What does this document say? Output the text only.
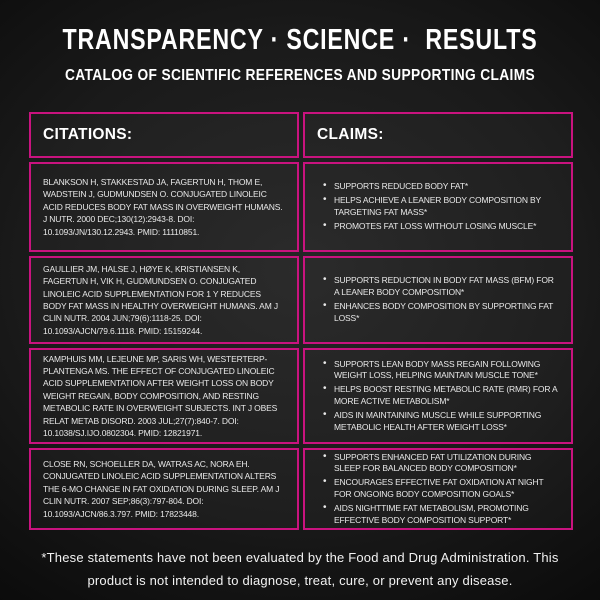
TRANSPARENCY · SCIENCE ·  RESULTS
CATALOG OF SCIENTIFIC REFERENCES AND SUPPORTING CLAIMS
CITATIONS:	CLAIMS:
BLANKSON H, STAKKESTAD JA, FAGERTUN H, THOM E, WADSTEIN J, GUDMUNDSEN O. CONJUGATED LINOLEIC ACID REDUCES BODY FAT MASS IN OVERWEIGHT HUMANS. J NUTR. 2000 DEC;130(12):2943-8. DOI: 10.1093/JN/130.12.2943. PMID: 11110851.
• SUPPORTS REDUCED BODY FAT*
• HELPS ACHIEVE A LEANER BODY COMPOSITION BY TARGETING FAT MASS*
• PROMOTES FAT LOSS WITHOUT LOSING MUSCLE*
GAULLIER JM, HALSE J, HØYE K, KRISTIANSEN K, FAGERTUN H, VIK H, GUDMUNDSEN O. CONJUGATED LINOLEIC ACID SUPPLEMENTATION FOR 1 Y REDUCES BODY FAT MASS IN HEALTHY OVERWEIGHT HUMANS. AM J CLIN NUTR. 2004 JUN;79(6):1118-25. DOI: 10.1093/AJCN/79.6.1118. PMID: 15159244.
• SUPPORTS REDUCTION IN BODY FAT MASS (BFM) FOR A LEANER BODY COMPOSITION*
• ENHANCES BODY COMPOSITION BY SUPPORTING FAT LOSS*
KAMPHUIS MM, LEJEUNE MP, SARIS WH, WESTERTERP-PLANTENGA MS. THE EFFECT OF CONJUGATED LINOLEIC ACID SUPPLEMENTATION AFTER WEIGHT LOSS ON BODY WEIGHT REGAIN, BODY COMPOSITION, AND RESTING METABOLIC RATE IN OVERWEIGHT SUBJECTS. INT J OBES RELAT METAB DISORD. 2003 JUL;27(7):840-7. DOI: 10.1038/SJ.IJO.0802304. PMID: 12821971.
• SUPPORTS LEAN BODY MASS REGAIN FOLLOWING WEIGHT LOSS, HELPING MAINTAIN MUSCLE TONE*
• HELPS BOOST RESTING METABOLIC RATE (RMR) FOR A MORE ACTIVE METABOLISM*
• AIDS IN MAINTAINING MUSCLE WHILE SUPPORTING METABOLIC HEALTH AFTER WEIGHT LOSS*
CLOSE RN, SCHOELLER DA, WATRAS AC, NORA EH. CONJUGATED LINOLEIC ACID SUPPLEMENTATION ALTERS THE 6-MO CHANGE IN FAT OXIDATION DURING SLEEP. AM J CLIN NUTR. 2007 SEP;86(3):797-804. DOI: 10.1093/AJCN/86.3.797. PMID: 17823448.
• SUPPORTS ENHANCED FAT UTILIZATION DURING SLEEP FOR BALANCED BODY COMPOSITION*
• ENCOURAGES EFFECTIVE FAT OXIDATION AT NIGHT FOR ONGOING BODY COMPOSITION GOALS*
• AIDS NIGHTTIME FAT METABOLISM, PROMOTING EFFECTIVE BODY COMPOSITION SUPPORT*

*These statements have not been evaluated by the Food and Drug Administration. This product is not intended to diagnose, treat, cure, or prevent any disease.
